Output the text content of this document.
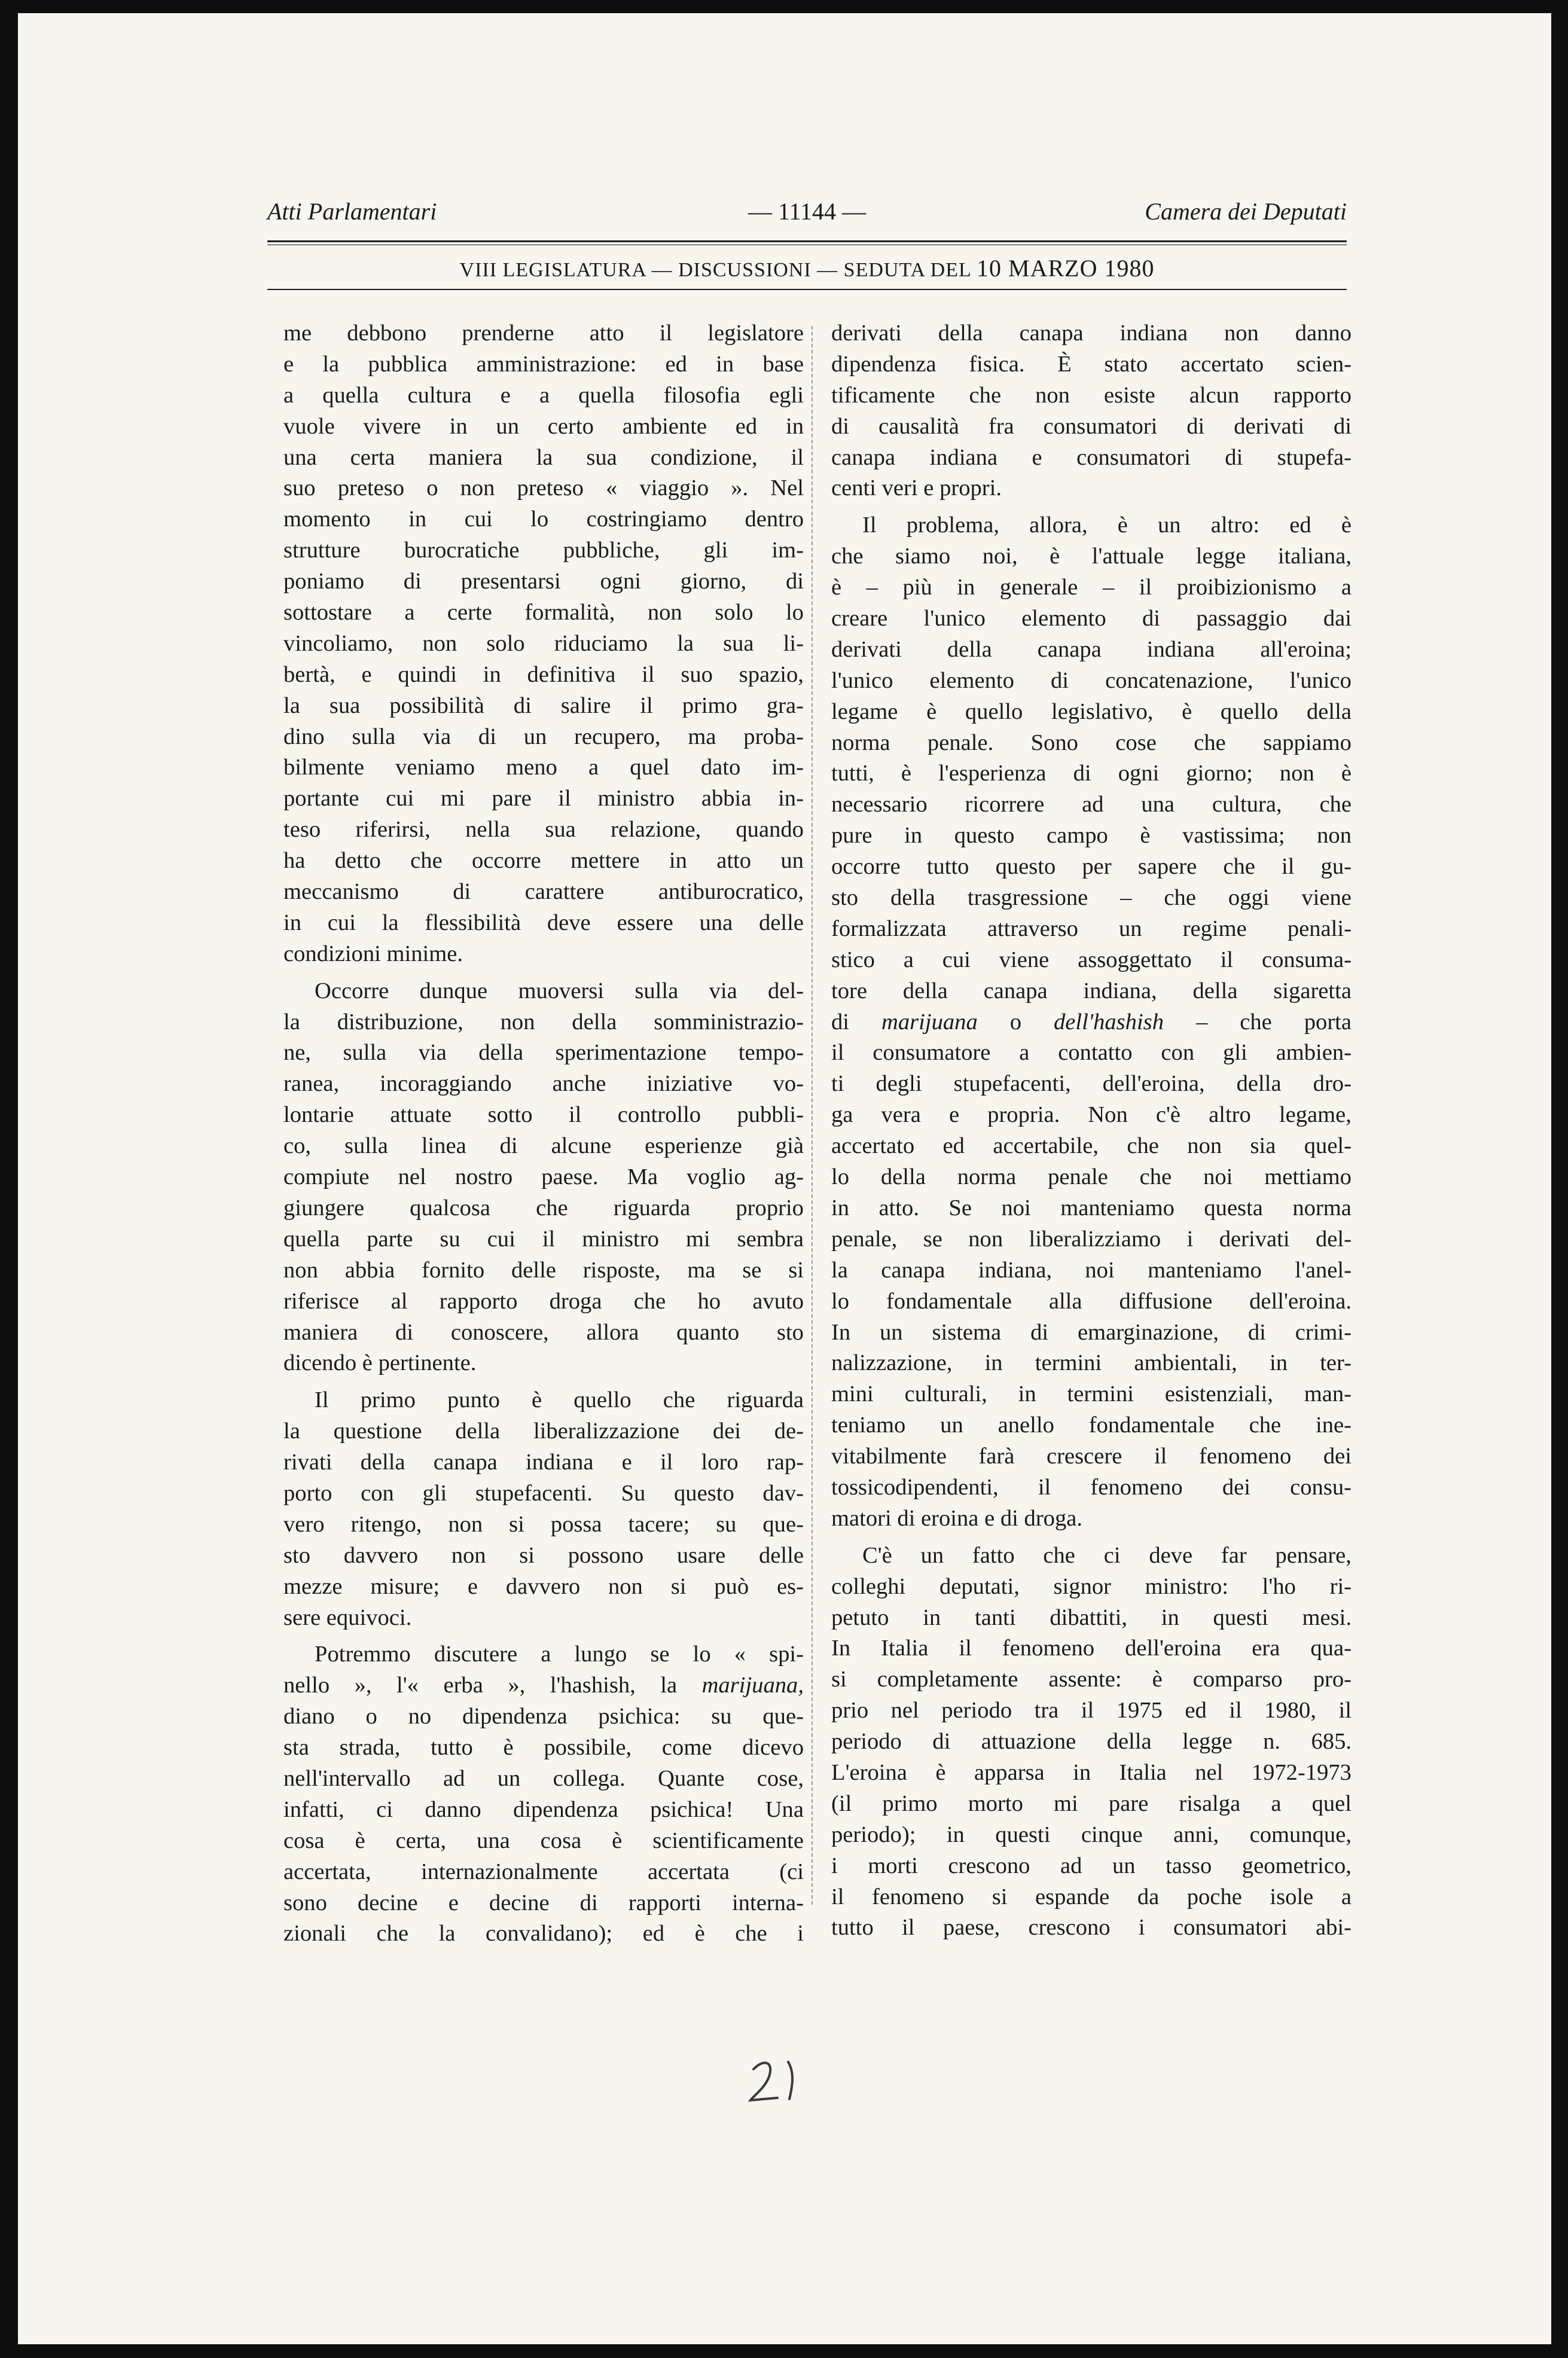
Atti Parlamentari	— 11144 —	Camera dei Deputati
VIII LEGISLATURA — DISCUSSIONI — SEDUTA DEL 10 MARZO 1980
me debbono prenderne atto il legislatore
e la pubblica amministrazione: ed in base
a quella cultura e a quella filosofia egli
vuole vivere in un certo ambiente ed in
una certa maniera la sua condizione, il
suo preteso o non preteso « viaggio ». Nel
momento in cui lo costringiamo dentro
strutture burocratiche pubbliche, gli im-
poniamo di presentarsi ogni giorno, di
sottostare a certe formalità, non solo lo
vincoliamo, non solo riduciamo la sua li-
bertà, e quindi in definitiva il suo spazio,
la sua possibilità di salire il primo gra-
dino sulla via di un recupero, ma proba-
bilmente veniamo meno a quel dato im-
portante cui mi pare il ministro abbia in-
teso riferirsi, nella sua relazione, quando
ha detto che occorre mettere in atto un
meccanismo di carattere antiburocratico,
in cui la flessibilità deve essere una delle
condizioni minime.
Occorre dunque muoversi sulla via del-
la distribuzione, non della somministrazio-
ne, sulla via della sperimentazione tempo-
ranea, incoraggiando anche iniziative vo-
lontarie attuate sotto il controllo pubbli-
co, sulla linea di alcune esperienze già
compiute nel nostro paese. Ma voglio ag-
giungere qualcosa che riguarda proprio
quella parte su cui il ministro mi sembra
non abbia fornito delle risposte, ma se si
riferisce al rapporto droga che ho avuto
maniera di conoscere, allora quanto sto
dicendo è pertinente.
Il primo punto è quello che riguarda
la questione della liberalizzazione dei de-
rivati della canapa indiana e il loro rap-
porto con gli stupefacenti. Su questo dav-
vero ritengo, non si possa tacere; su que-
sto davvero non si possono usare delle
mezze misure; e davvero non si può es-
sere equivoci.
Potremmo discutere a lungo se lo « spi-
nello », l'« erba », l'hashish, la marijuana,
diano o no dipendenza psichica: su que-
sta strada, tutto è possibile, come dicevo
nell'intervallo ad un collega. Quante cose,
infatti, ci danno dipendenza psichica! Una
cosa è certa, una cosa è scientificamente
accertata, internazionalmente accertata (ci
sono decine e decine di rapporti interna-
zionali che la convalidano); ed è che i
derivati della canapa indiana non danno
dipendenza fisica. È stato accertato scien-
tificamente che non esiste alcun rapporto
di causalità fra consumatori di derivati di
canapa indiana e consumatori di stupefa-
centi veri e propri.
Il problema, allora, è un altro: ed è
che siamo noi, è l'attuale legge italiana,
è – più in generale – il proibizionismo a
creare l'unico elemento di passaggio dai
derivati della canapa indiana all'eroina;
l'unico elemento di concatenazione, l'unico
legame è quello legislativo, è quello della
norma penale. Sono cose che sappiamo
tutti, è l'esperienza di ogni giorno; non è
necessario ricorrere ad una cultura, che
pure in questo campo è vastissima; non
occorre tutto questo per sapere che il gu-
sto della trasgressione – che oggi viene
formalizzata attraverso un regime penali-
stico a cui viene assoggettato il consuma-
tore della canapa indiana, della sigaretta
di marijuana o dell'hashish – che porta
il consumatore a contatto con gli ambien-
ti degli stupefacenti, dell'eroina, della dro-
ga vera e propria. Non c'è altro legame,
accertato ed accertabile, che non sia quel-
lo della norma penale che noi mettiamo
in atto. Se noi manteniamo questa norma
penale, se non liberalizziamo i derivati del-
la canapa indiana, noi manteniamo l'anel-
lo fondamentale alla diffusione dell'eroina.
In un sistema di emarginazione, di crimi-
nalizzazione, in termini ambientali, in ter-
mini culturali, in termini esistenziali, man-
teniamo un anello fondamentale che ine-
vitabilmente farà crescere il fenomeno dei
tossicodipendenti, il fenomeno dei consu-
matori di eroina e di droga.
C'è un fatto che ci deve far pensare,
colleghi deputati, signor ministro: l'ho ri-
petuto in tanti dibattiti, in questi mesi.
In Italia il fenomeno dell'eroina era qua-
si completamente assente: è comparso pro-
prio nel periodo tra il 1975 ed il 1980, il
periodo di attuazione della legge n. 685.
L'eroina è apparsa in Italia nel 1972-1973
(il primo morto mi pare risalga a quel
periodo); in questi cinque anni, comunque,
i morti crescono ad un tasso geometrico,
il fenomeno si espande da poche isole a
tutto il paese, crescono i consumatori abi-
